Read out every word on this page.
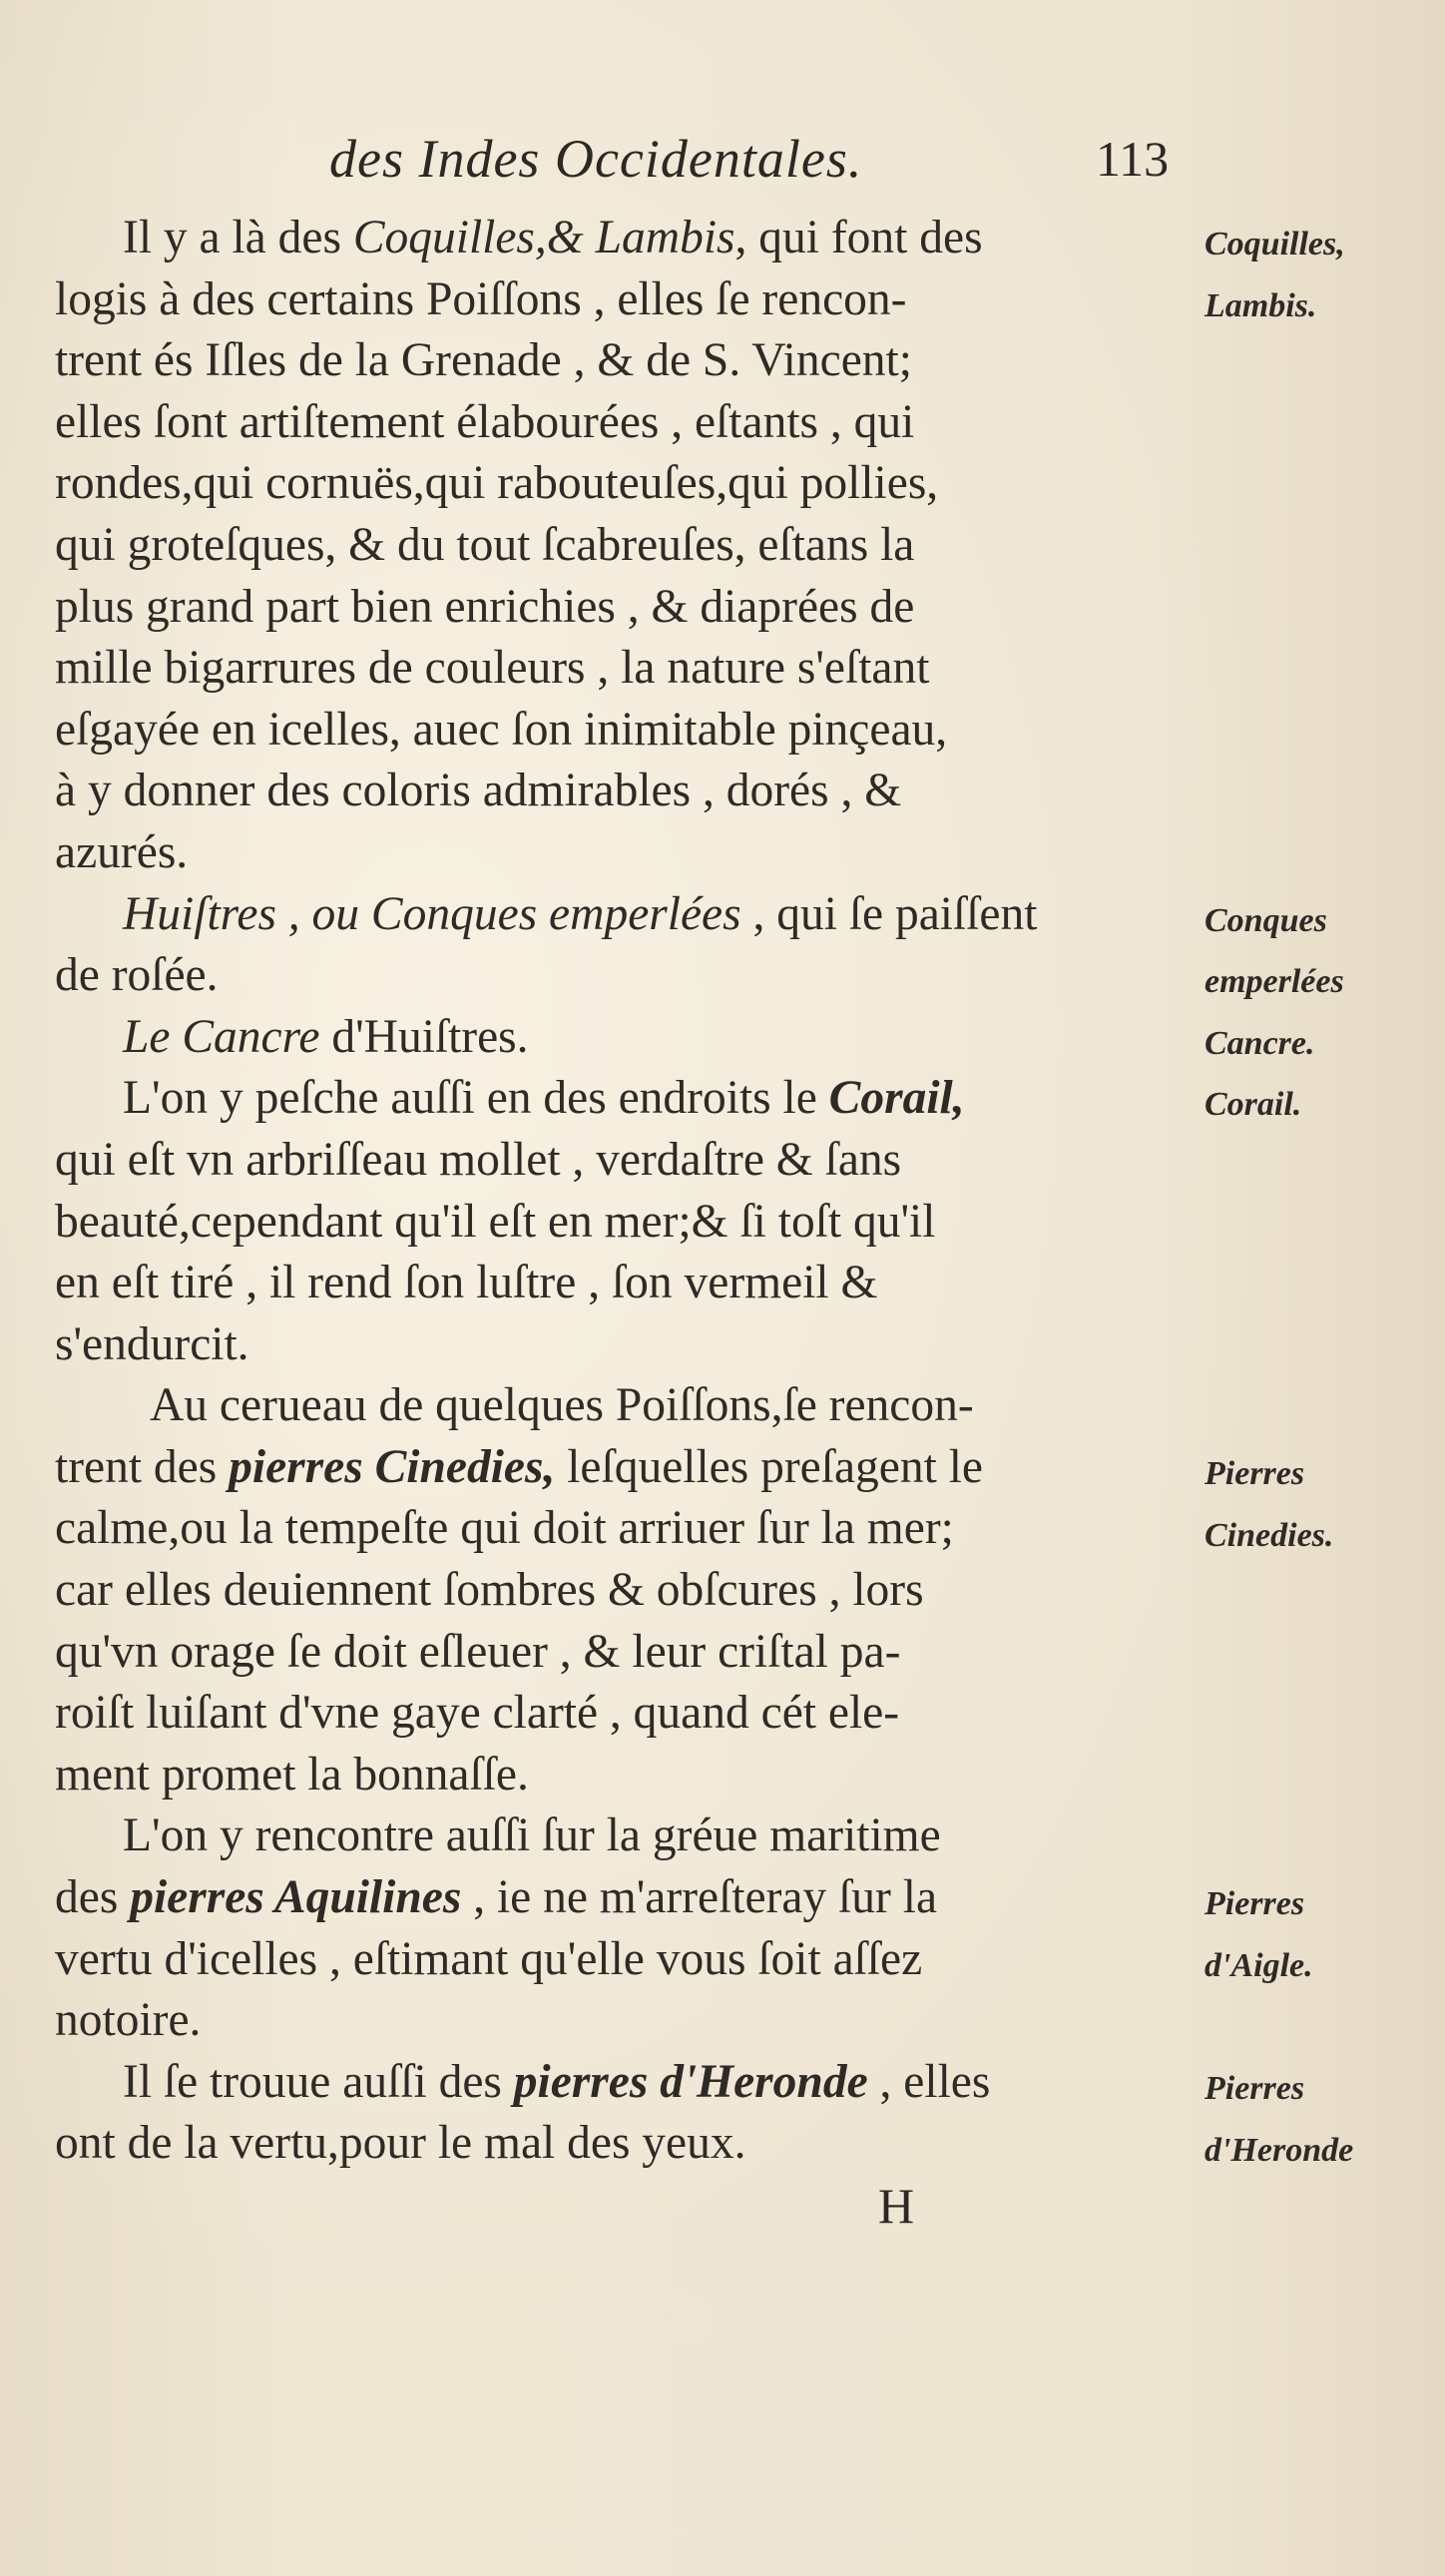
des Indes Occidentales.	113
Il y a là des Coquilles,& Lambis, qui font des
logis à des certains Poiſſons , elles ſe rencon-
trent és Iſles de la Grenade , & de S. Vincent;
elles ſont artiſtement élabourées , eſtants , qui
rondes,qui cornuës,qui rabouteuſes,qui pollies,
qui groteſques, & du tout ſcabreuſes, eſtans la
plus grand part bien enrichies , & diaprées de
mille bigarrures de couleurs , la nature s'eſtant
eſgayée en icelles, auec ſon inimitable pinçeau,
à y donner des coloris admirables , dorés , &
azurés.
Huiſtres , ou Conques emperlées , qui ſe paiſſent
de roſée.
Le Cancre d'Huiſtres.
L'on y peſche auſſi en des endroits le Corail,
qui eſt vn arbriſſeau mollet , verdaſtre & ſans
beauté,cependant qu'il eſt en mer;& ſi toſt qu'il
en eſt tiré , il rend ſon luſtre , ſon vermeil &
s'endurcit.
Au cerueau de quelques Poiſſons,ſe rencon-
trent des pierres Cinedies, leſquelles preſagent le
calme,ou la tempeſte qui doit arriuer ſur la mer;
car elles deuiennent ſombres & obſcures , lors
qu'vn orage ſe doit eſleuer , & leur criſtal pa-
roiſt luiſant d'vne gaye clarté , quand cét ele-
ment promet la bonnaſſe.
L'on y rencontre auſſi ſur la gréue maritime
des pierres Aquilines , ie ne m'arreſteray ſur la
vertu d'icelles , eſtimant qu'elle vous ſoit aſſez
notoire.
Il ſe trouue auſſi des pierres d'Heronde , elles
ont de la vertu,pour le mal des yeux.
Coquilles,
Lambis.
Conques
emperlées
Cancre.
Corail.
Pierres
Cinedies.
Pierres
d'Aigle.
Pierres
d'Heronde
H
